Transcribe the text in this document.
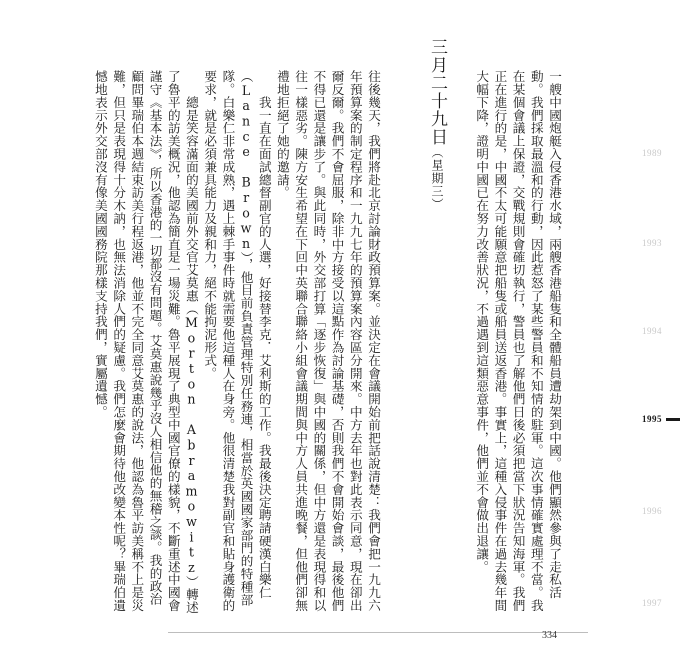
一艘中國炮艇入侵香港水域，兩艘香港船隻和全體船員遭劫架到中國。他們顯然參與了走私活動。我們採取最溫和的行動，因此惹怒了某些警員和不知情的駐軍。這次事情確實處理不當。我在某個會議上保證，交戰規則會確切執行，警員也了解他們日後必須把當下狀況告知海軍。我們正在進行的是，中國不太可能願意把船隻或船員送返香港。事實上，這種入侵事件在過去幾年間大幅下降，證明中國已在努力改善狀況，不過遇到這類惡意事件，他們並不會做出退讓。
三月二十九日（星期三）
往後幾天，我們將赴北京討論財政預算案。並決定在會議開始前把話說清楚：我們會把一九九六年預算案的制定程序和一九九七年的預算案內容區分開來。中方去年也對此表示同意，現在卻出爾反爾。我們不會屈服，除非中方接受以這點作為討論基礎，否則我們不會開始會談，最後他們不得已還是讓步了。與此同時，外交部打算「逐步恢復」與中國的關係，但中方還是表現得和以往一樣惡劣。陳方安生希望在下回中英聯合聯絡小組會議期間與中方人員共進晚餐，但他們卻無禮地拒絕了她的邀請。
　　我一直在面試總督副官的人選，好接替李克．艾利斯的工作。我最後決定聘請硬漢白樂仁（Lance Brown），他目前負責管理特別任務連，相當於英國國家部門的特種部隊。白樂仁非常成熟，遇上棘手事件時就需要他這種人在身旁。他很清楚我對副官和貼身護衛的要求，就是必須兼具能力及親和力，絕不能拘泥形式。
　　總是笑容滿面的美國前外交官艾莫惠（Morton Abramowitz）轉述了魯平的訪美概況，他認為簡直是一場災難。魯平展現了典型中國官僚的樣貌，不斷重述中國會謹守《基本法》，所以香港的一切都沒有問題。艾莫惠說幾乎沒人相信他的無稽之談。我的政治顧問畢瑞伯本週結束訪美行程返港，他並不完全同意艾莫惠的說法，他認為魯平訪美稱不上是災難，但只是表現得十分木訥，也無法消除人們的疑慮。我們怎麼會期待他改變本性呢？畢瑞伯遺憾地表示外交部沒有像美國國務院那樣支持我們，實屬遺憾。	1989
1993
1994
1995
1996
1997
334
